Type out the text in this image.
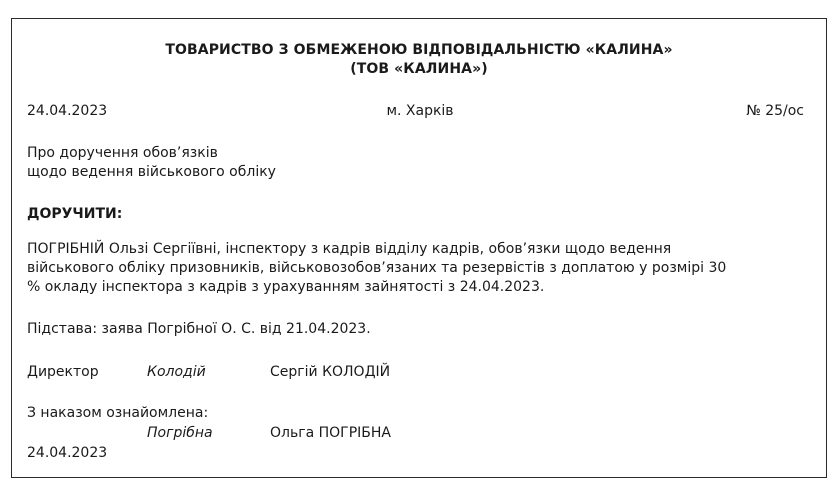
ТОВАРИСТВО З ОБМЕЖЕНОЮ ВІДПОВІДАЛЬНІСТЮ «КАЛИНА»
(ТОВ «КАЛИНА»)
24.04.2023	м. Харків	№ 25/ос
Про доручення обов’язків
щодо ведення військового обліку
ДОРУЧИТИ:
ПОГРІБНІЙ Ользі Сергіївні, інспектору з кадрів відділу кадрів, обов’язки щодо ведення
військового обліку призовників, військовозобов’язаних та резервістів з доплатою у розмірі 30
% окладу інспектора з кадрів з урахуванням зайнятості з 24.04.2023.
Підстава: заява Погрібної О. С. від 21.04.2023.
Директор	Колодій	Сергій КОЛОДІЙ
З наказом ознайомлена:
Погрібна	Ольга ПОГРІБНА
24.04.2023
